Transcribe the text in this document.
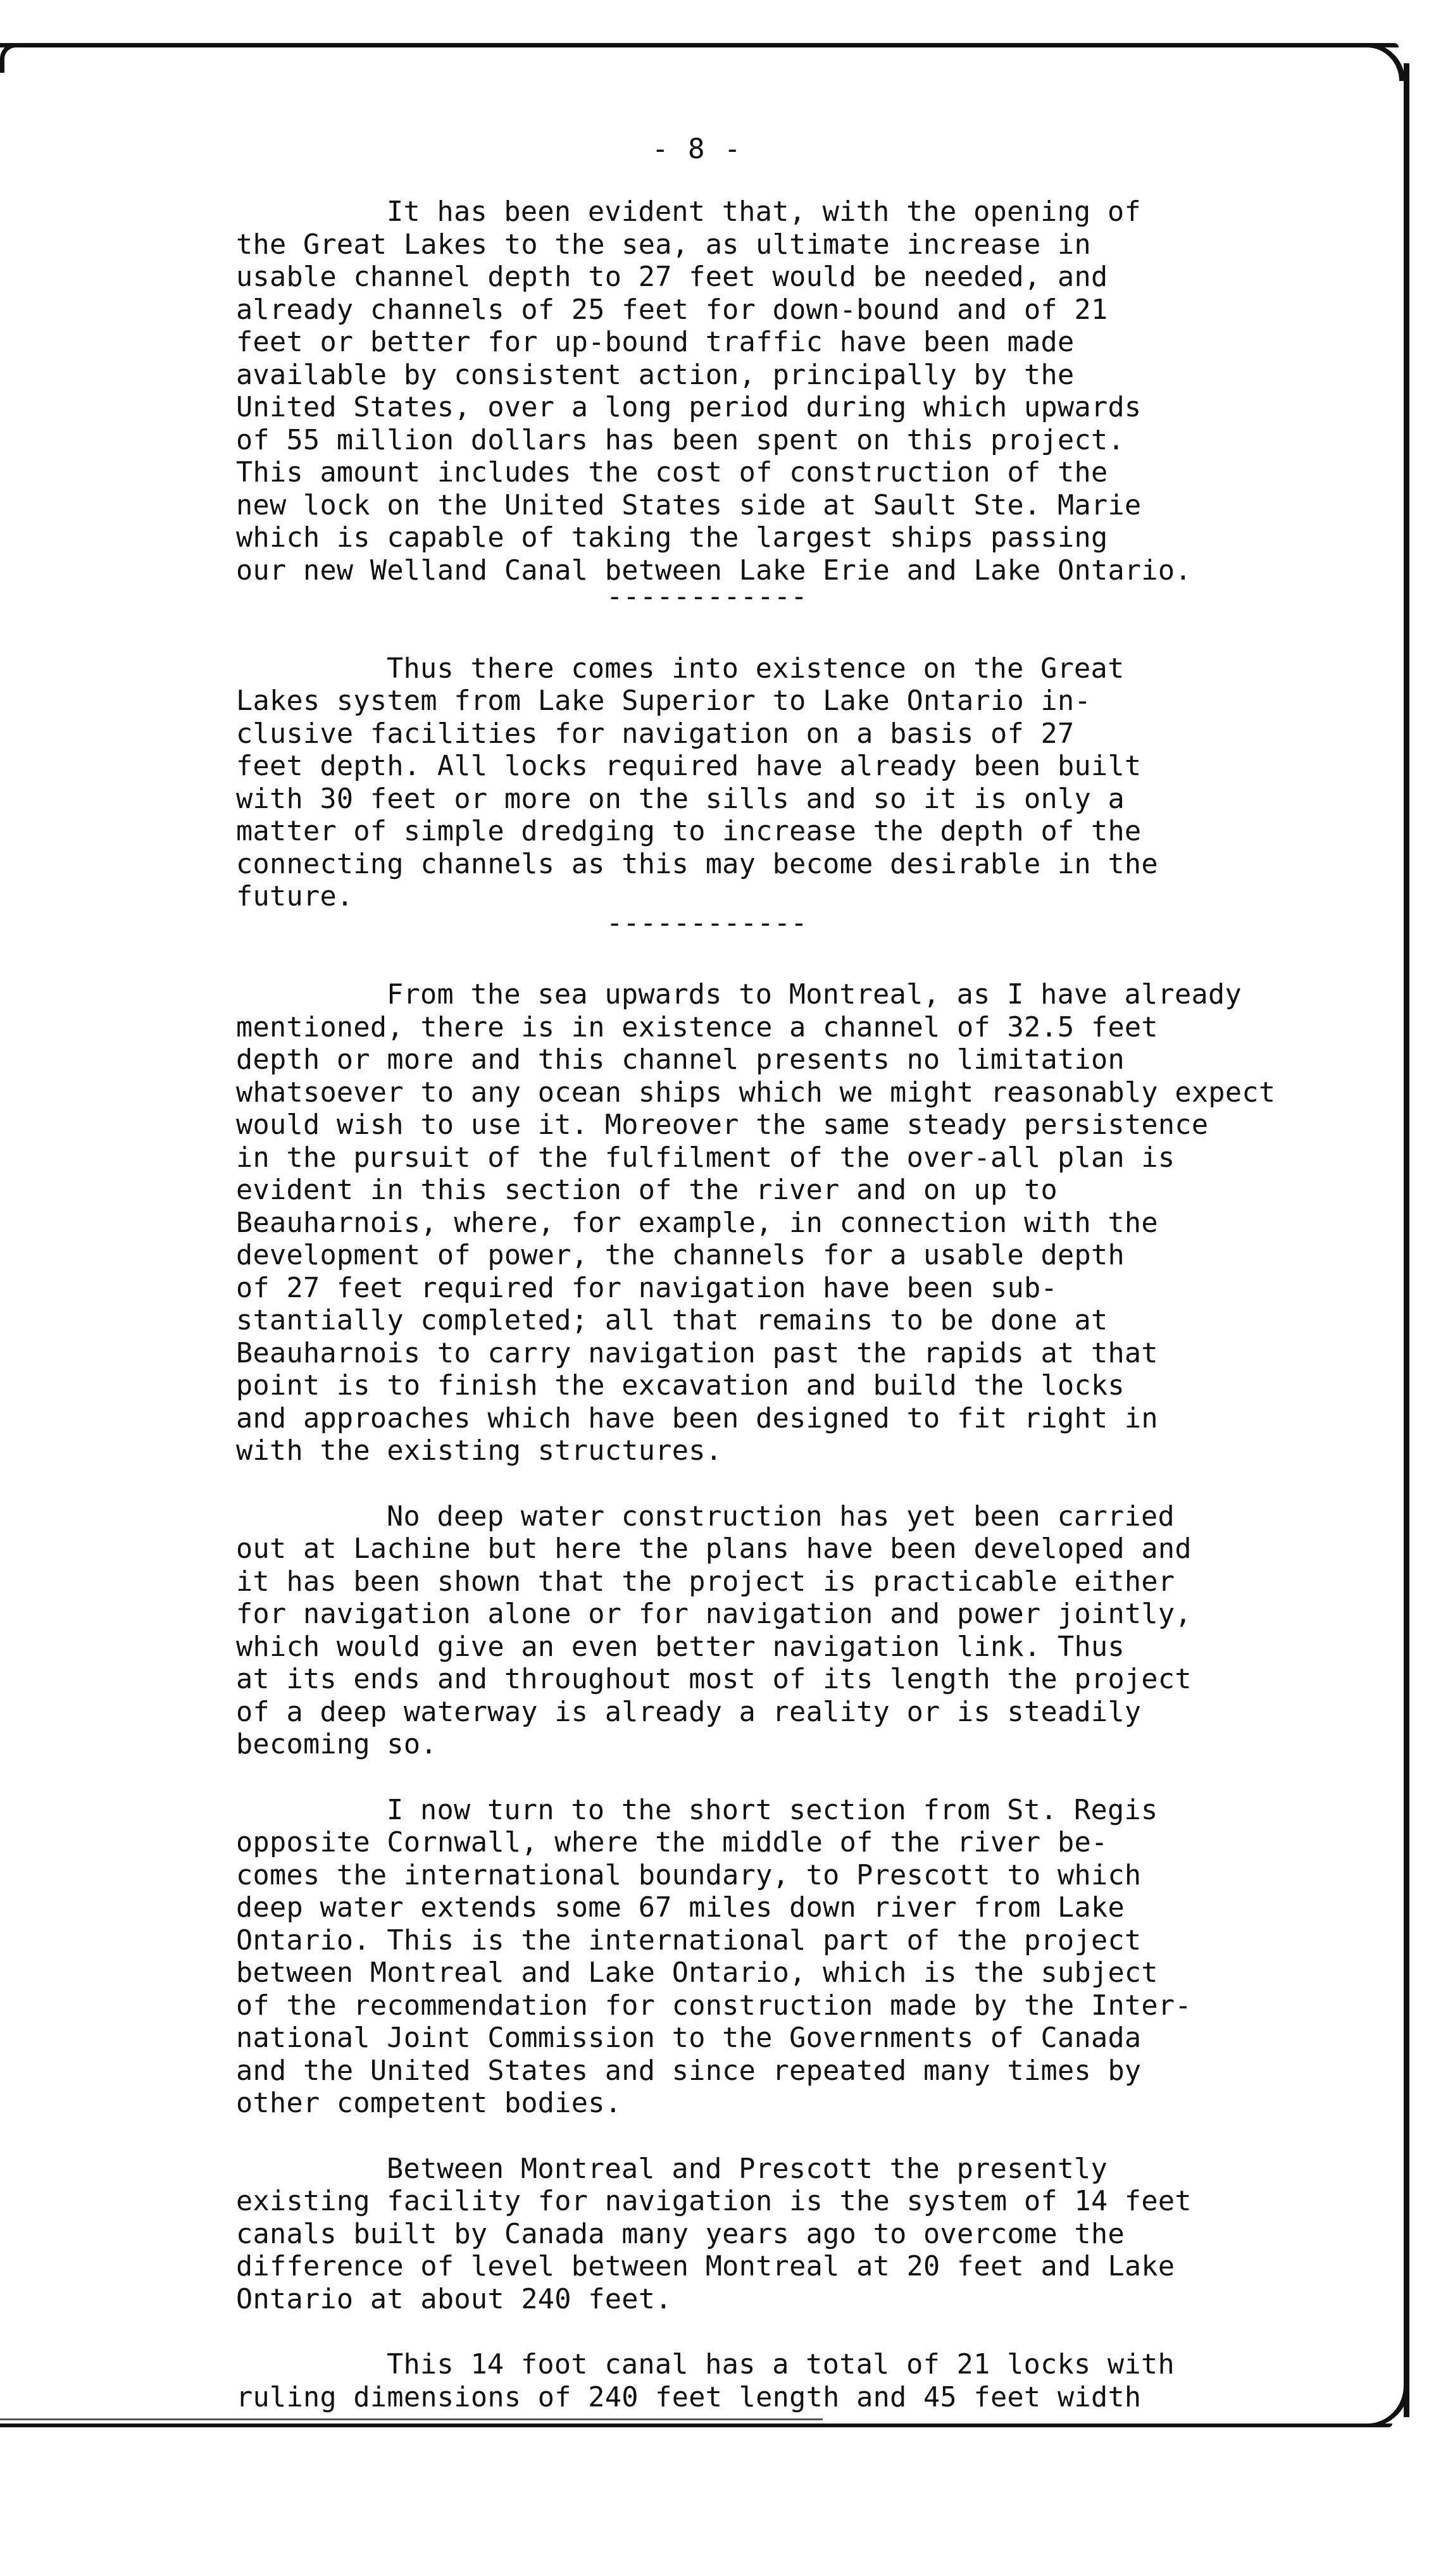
- 8 -
It has been evident that, with the opening of
the Great Lakes to the sea, as ultimate increase in
usable channel depth to 27 feet would be needed, and
already channels of 25 feet for down-bound and of 21
feet or better for up-bound traffic have been made
available by consistent action, principally by the
United States, over a long period during which upwards
of 55 million dollars has been spent on this project.
This amount includes the cost of construction of the
new lock on the United States side at Sault Ste. Marie
which is capable of taking the largest ships passing
our new Welland Canal between Lake Erie and Lake Ontario.
------------
Thus there comes into existence on the Great
Lakes system from Lake Superior to Lake Ontario in-
clusive facilities for navigation on a basis of 27
feet depth. All locks required have already been built
with 30 feet or more on the sills and so it is only a
matter of simple dredging to increase the depth of the
connecting channels as this may become desirable in the
future.
------------
From the sea upwards to Montreal, as I have already
mentioned, there is in existence a channel of 32.5 feet
depth or more and this channel presents no limitation
whatsoever to any ocean ships which we might reasonably expect
would wish to use it. Moreover the same steady persistence
in the pursuit of the fulfilment of the over-all plan is
evident in this section of the river and on up to
Beauharnois, where, for example, in connection with the
development of power, the channels for a usable depth
of 27 feet required for navigation have been sub-
stantially completed; all that remains to be done at
Beauharnois to carry navigation past the rapids at that
point is to finish the excavation and build the locks
and approaches which have been designed to fit right in
with the existing structures.
No deep water construction has yet been carried
out at Lachine but here the plans have been developed and
it has been shown that the project is practicable either
for navigation alone or for navigation and power jointly,
which would give an even better navigation link. Thus
at its ends and throughout most of its length the project
of a deep waterway is already a reality or is steadily
becoming so.
I now turn to the short section from St. Regis
opposite Cornwall, where the middle of the river be-
comes the international boundary, to Prescott to which
deep water extends some 67 miles down river from Lake
Ontario. This is the international part of the project
between Montreal and Lake Ontario, which is the subject
of the recommendation for construction made by the Inter-
national Joint Commission to the Governments of Canada
and the United States and since repeated many times by
other competent bodies.
Between Montreal and Prescott the presently
existing facility for navigation is the system of 14 feet
canals built by Canada many years ago to overcome the
difference of level between Montreal at 20 feet and Lake
Ontario at about 240 feet.
This 14 foot canal has a total of 21 locks with
ruling dimensions of 240 feet length and 45 feet width
